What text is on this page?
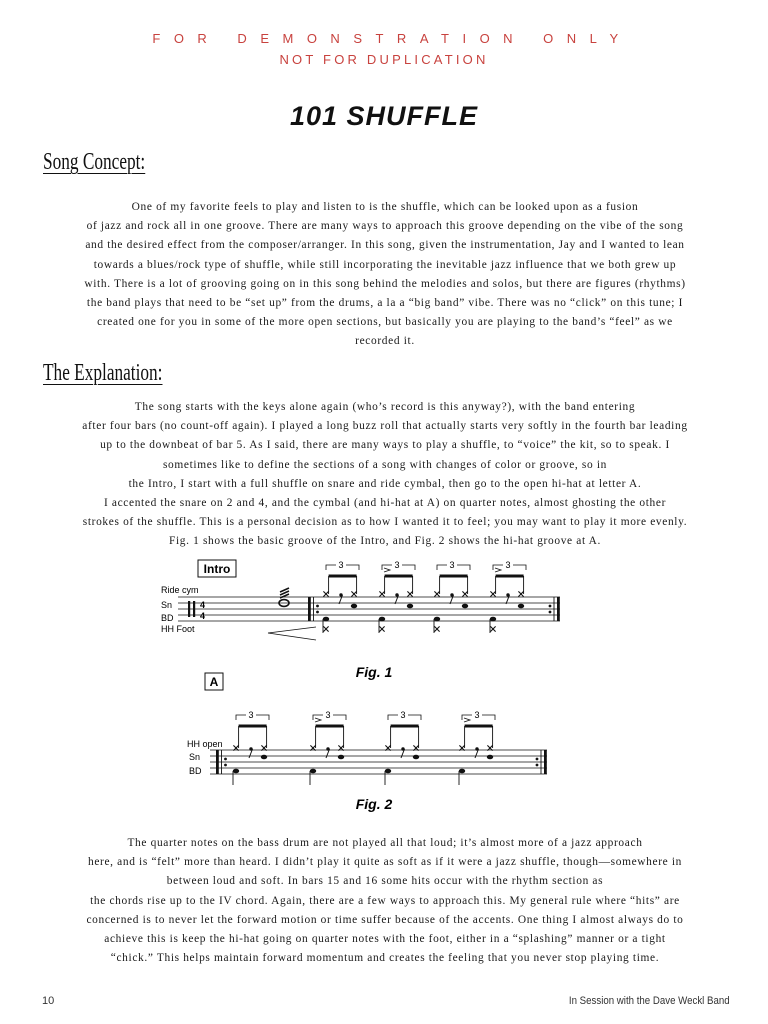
FOR DEMONSTRATION ONLY
NOT FOR DUPLICATION
101 SHUFFLE
Song Concept:
One of my favorite feels to play and listen to is the shuffle, which can be looked upon as a fusion
of jazz and rock all in one groove. There are many ways to approach this groove depending on the vibe of the song
and the desired effect from the composer/arranger. In this song, given the instrumentation, Jay and I wanted to lean
towards a blues/rock type of shuffle, while still incorporating the inevitable jazz influence that we both grew up
with. There is a lot of grooving going on in this song behind the melodies and solos, but there are figures (rhythms)
the band plays that need to be “set up” from the drums, a la a “big band” vibe. There was no “click” on this tune; I
created one for you in some of the more open sections, but basically you are playing to the band’s “feel” as we
recorded it.
The Explanation:
The song starts with the keys alone again (who’s record is this anyway?), with the band entering
after four bars (no count-off again). I played a long buzz roll that actually starts very softly in the fourth bar leading
up to the downbeat of bar 5. As I said, there are many ways to play a shuffle, to “voice” the kit, so to speak. I
sometimes like to define the sections of a song with changes of color or groove, so in
the Intro, I start with a full shuffle on snare and ride cymbal, then go to the open hi-hat at letter A.
I accented the snare on 2 and 4, and the cymbal (and hi-hat at A) on quarter notes, almost ghosting the other
strokes of the shuffle. This is a personal decision as to how I wanted it to feel; you may want to play it more evenly.
Fig. 1 shows the basic groove of the Intro, and Fig. 2 shows the hi-hat groove at A.
Intro
Ride cym
Sn
BD
HH Foot
4
4
3	3	3	3
Fig. 1
A
HH open
Sn
BD
3	3	3	3
Fig. 2
The quarter notes on the bass drum are not played all that loud; it’s almost more of a jazz approach
here, and is “felt” more than heard. I didn’t play it quite as soft as if it were a jazz shuffle, though—somewhere in
between loud and soft. In bars 15 and 16 some hits occur with the rhythm section as
the chords rise up to the IV chord. Again, there are a few ways to approach this. My general rule where “hits” are
concerned is to never let the forward motion or time suffer because of the accents. One thing I almost always do to
achieve this is keep the hi-hat going on quarter notes with the foot, either in a “splashing” manner or a tight
“chick.” This helps maintain forward momentum and creates the feeling that you never stop playing time.
10	In Session with the Dave Weckl Band
